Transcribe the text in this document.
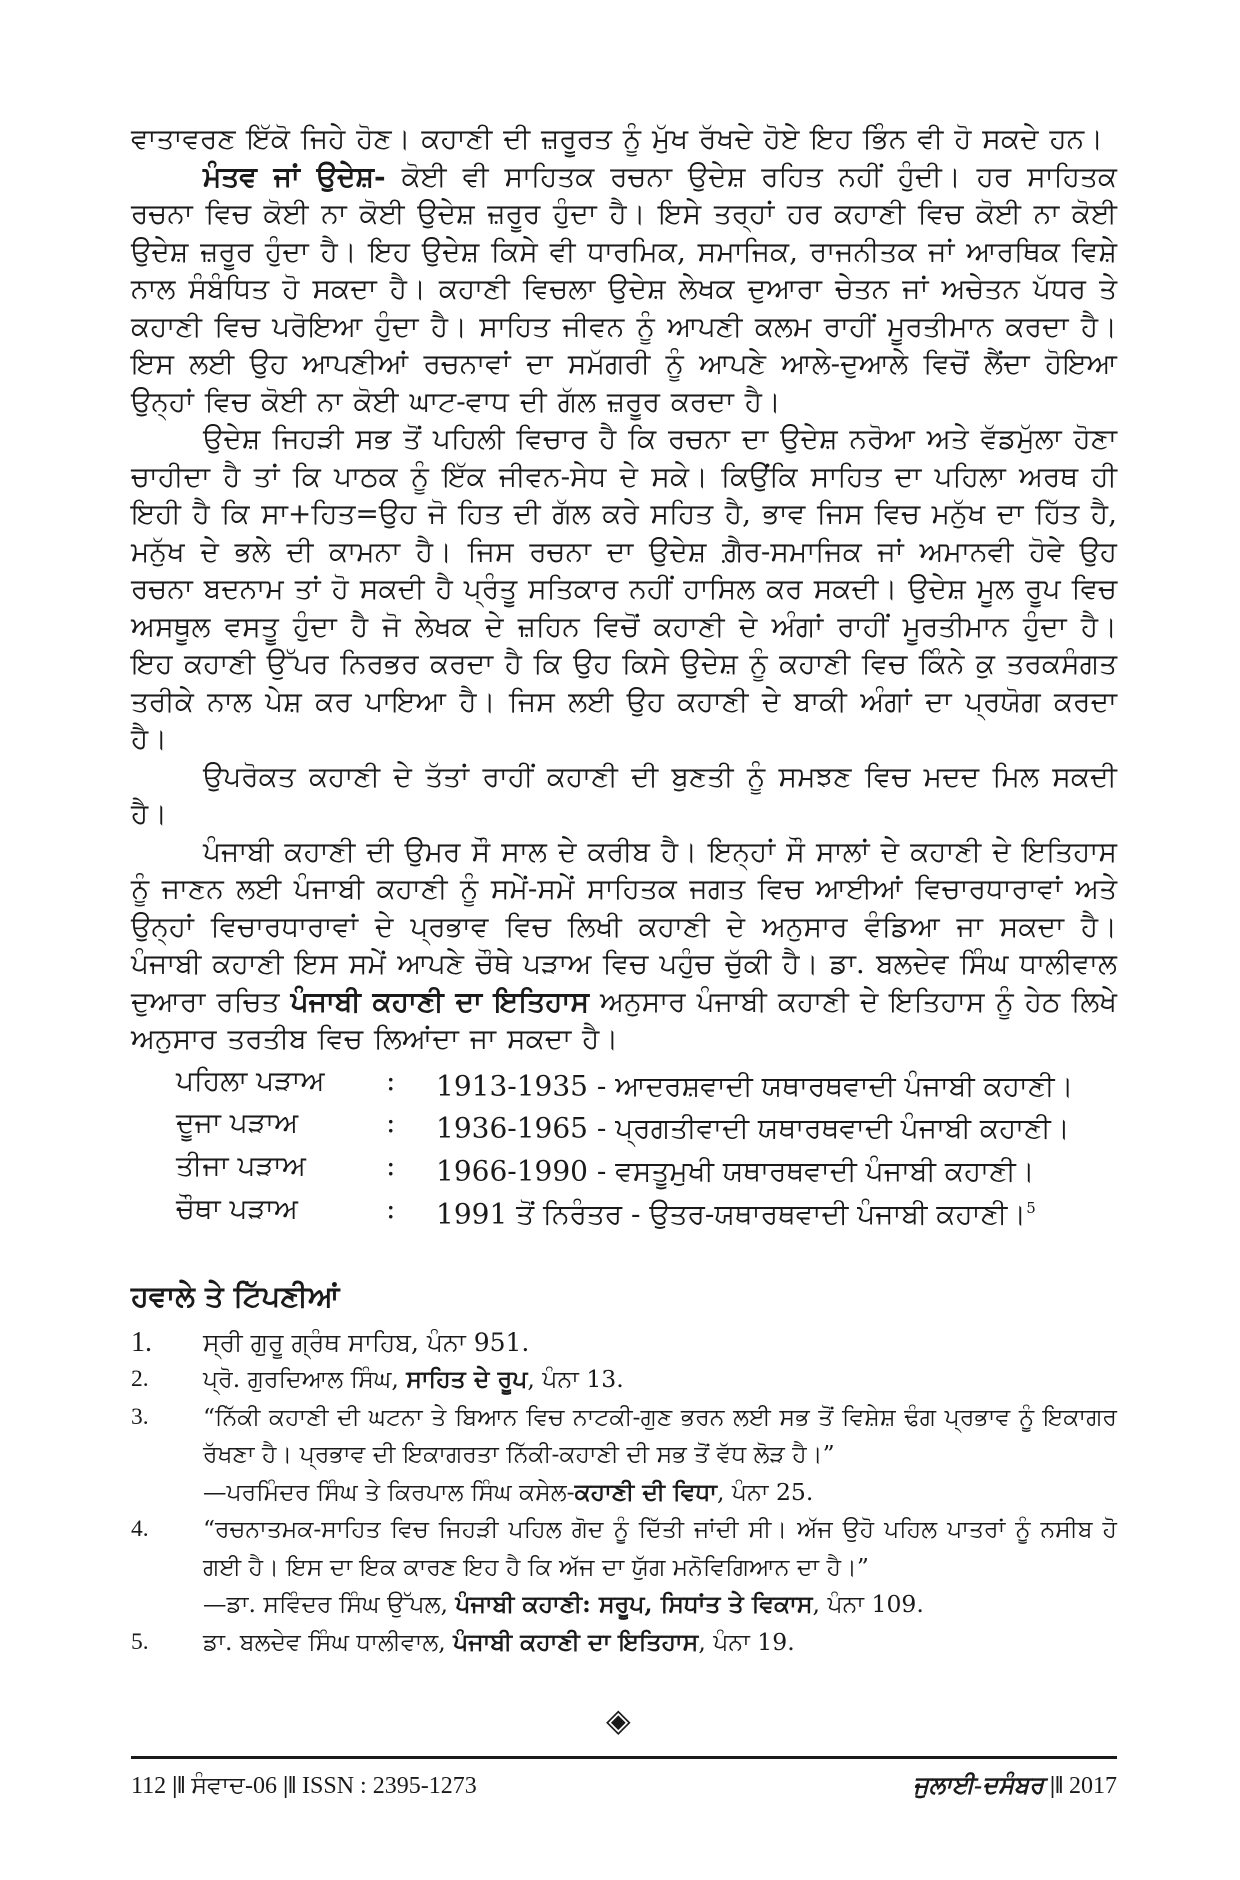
ਵਾਤਾਵਰਣ ਇੱਕੋ ਜਿਹੇ ਹੋਣ। ਕਹਾਣੀ ਦੀ ਜ਼ਰੂਰਤ ਨੂੰ ਮੁੱਖ ਰੱਖਦੇ ਹੋਏ ਇਹ ਭਿੰਨ ਵੀ ਹੋ ਸਕਦੇ ਹਨ।

ਮੰਤਵ ਜਾਂ ਉਦੇਸ਼- ਕੋਈ ਵੀ ਸਾਹਿਤਕ ਰਚਨਾ ਉਦੇਸ਼ ਰਹਿਤ ਨਹੀਂ ਹੁੰਦੀ। ਹਰ ਸਾਹਿਤਕ ਰਚਨਾ ਵਿਚ ਕੋਈ ਨਾ ਕੋਈ ਉਦੇਸ਼ ਜ਼ਰੂਰ ਹੁੰਦਾ ਹੈ। ਇਸੇ ਤਰ੍ਹਾਂ ਹਰ ਕਹਾਣੀ ਵਿਚ ਕੋਈ ਨਾ ਕੋਈ ਉਦੇਸ਼ ਜ਼ਰੂਰ ਹੁੰਦਾ ਹੈ। ਇਹ ਉਦੇਸ਼ ਕਿਸੇ ਵੀ ਧਾਰਮਿਕ, ਸਮਾਜਿਕ, ਰਾਜਨੀਤਕ ਜਾਂ ਆਰਥਿਕ ਵਿਸ਼ੇ ਨਾਲ ਸੰਬੰਧਿਤ ਹੋ ਸਕਦਾ ਹੈ। ਕਹਾਣੀ ਵਿਚਲਾ ਉਦੇਸ਼ ਲੇਖਕ ਦੁਆਰਾ ਚੇਤਨ ਜਾਂ ਅਚੇਤਨ ਪੱਧਰ ਤੇ ਕਹਾਣੀ ਵਿਚ ਪਰੋਇਆ ਹੁੰਦਾ ਹੈ। ਸਾਹਿਤ ਜੀਵਨ ਨੂੰ ਆਪਣੀ ਕਲਮ ਰਾਹੀਂ ਮੂਰਤੀਮਾਨ ਕਰਦਾ ਹੈ। ਇਸ ਲਈ ਉਹ ਆਪਣੀਆਂ ਰਚਨਾਵਾਂ ਦਾ ਸਮੱਗਰੀ ਨੂੰ ਆਪਣੇ ਆਲੇ-ਦੁਆਲੇ ਵਿਚੋਂ ਲੈਂਦਾ ਹੋਇਆ ਉਨ੍ਹਾਂ ਵਿਚ ਕੋਈ ਨਾ ਕੋਈ ਘਾਟ-ਵਾਧ ਦੀ ਗੱਲ ਜ਼ਰੂਰ ਕਰਦਾ ਹੈ।

ਉਦੇਸ਼ ਜਿਹੜੀ ਸਭ ਤੋਂ ਪਹਿਲੀ ਵਿਚਾਰ ਹੈ ਕਿ ਰਚਨਾ ਦਾ ਉਦੇਸ਼ ਨਰੋਆ ਅਤੇ ਵੱਡਮੁੱਲਾ ਹੋਣਾ ਚਾਹੀਦਾ ਹੈ ਤਾਂ ਕਿ ਪਾਠਕ ਨੂੰ ਇੱਕ ਜੀਵਨ-ਸੇਧ ਦੇ ਸਕੇ। ਕਿਉਂਕਿ ਸਾਹਿਤ ਦਾ ਪਹਿਲਾ ਅਰਥ ਹੀ ਇਹੀ ਹੈ ਕਿ ਸਾ+ਹਿਤ=ਉਹ ਜੋ ਹਿਤ ਦੀ ਗੱਲ ਕਰੇ ਸਹਿਤ ਹੈ, ਭਾਵ ਜਿਸ ਵਿਚ ਮਨੁੱਖ ਦਾ ਹਿੱਤ ਹੈ, ਮਨੁੱਖ ਦੇ ਭਲੇ ਦੀ ਕਾਮਨਾ ਹੈ। ਜਿਸ ਰਚਨਾ ਦਾ ਉਦੇਸ਼ ਗ਼ੈਰ-ਸਮਾਜਿਕ ਜਾਂ ਅਮਾਨਵੀ ਹੋਵੇ ਉਹ ਰਚਨਾ ਬਦਨਾਮ ਤਾਂ ਹੋ ਸਕਦੀ ਹੈ ਪ੍ਰੰਤੂ ਸਤਿਕਾਰ ਨਹੀਂ ਹਾਸਿਲ ਕਰ ਸਕਦੀ। ਉਦੇਸ਼ ਮੂਲ ਰੂਪ ਵਿਚ ਅਸਥੂਲ ਵਸਤੂ ਹੁੰਦਾ ਹੈ ਜੋ ਲੇਖਕ ਦੇ ਜ਼ਹਿਨ ਵਿਚੋਂ ਕਹਾਣੀ ਦੇ ਅੰਗਾਂ ਰਾਹੀਂ ਮੂਰਤੀਮਾਨ ਹੁੰਦਾ ਹੈ। ਇਹ ਕਹਾਣੀ ਉੱਪਰ ਨਿਰਭਰ ਕਰਦਾ ਹੈ ਕਿ ਉਹ ਕਿਸੇ ਉਦੇਸ਼ ਨੂੰ ਕਹਾਣੀ ਵਿਚ ਕਿੰਨੇ ਕੁ ਤਰਕਸੰਗਤ ਤਰੀਕੇ ਨਾਲ ਪੇਸ਼ ਕਰ ਪਾਇਆ ਹੈ। ਜਿਸ ਲਈ ਉਹ ਕਹਾਣੀ ਦੇ ਬਾਕੀ ਅੰਗਾਂ ਦਾ ਪ੍ਰਯੋਗ ਕਰਦਾ ਹੈ।

ਉਪਰੋਕਤ ਕਹਾਣੀ ਦੇ ਤੱਤਾਂ ਰਾਹੀਂ ਕਹਾਣੀ ਦੀ ਬੁਣਤੀ ਨੂੰ ਸਮਝਣ ਵਿਚ ਮਦਦ ਮਿਲ ਸਕਦੀ ਹੈ।

ਪੰਜਾਬੀ ਕਹਾਣੀ ਦੀ ਉਮਰ ਸੌ ਸਾਲ ਦੇ ਕਰੀਬ ਹੈ। ਇਨ੍ਹਾਂ ਸੌ ਸਾਲਾਂ ਦੇ ਕਹਾਣੀ ਦੇ ਇਤਿਹਾਸ ਨੂੰ ਜਾਣਨ ਲਈ ਪੰਜਾਬੀ ਕਹਾਣੀ ਨੂੰ ਸਮੇਂ-ਸਮੇਂ ਸਾਹਿਤਕ ਜਗਤ ਵਿਚ ਆਈਆਂ ਵਿਚਾਰਧਾਰਾਵਾਂ ਅਤੇ ਉਨ੍ਹਾਂ ਵਿਚਾਰਧਾਰਾਵਾਂ ਦੇ ਪ੍ਰਭਾਵ ਵਿਚ ਲਿਖੀ ਕਹਾਣੀ ਦੇ ਅਨੁਸਾਰ ਵੰਡਿਆ ਜਾ ਸਕਦਾ ਹੈ। ਪੰਜਾਬੀ ਕਹਾਣੀ ਇਸ ਸਮੇਂ ਆਪਣੇ ਚੌਥੇ ਪੜਾਅ ਵਿਚ ਪਹੁੰਚ ਚੁੱਕੀ ਹੈ। ਡਾ. ਬਲਦੇਵ ਸਿੰਘ ਧਾਲੀਵਾਲ ਦੁਆਰਾ ਰਚਿਤ ਪੰਜਾਬੀ ਕਹਾਣੀ ਦਾ ਇਤਿਹਾਸ ਅਨੁਸਾਰ ਪੰਜਾਬੀ ਕਹਾਣੀ ਦੇ ਇਤਿਹਾਸ ਨੂੰ ਹੇਠ ਲਿਖੇ ਅਨੁਸਾਰ ਤਰਤੀਬ ਵਿਚ ਲਿਆਂਦਾ ਜਾ ਸਕਦਾ ਹੈ।

ਪਹਿਲਾ ਪੜਾਅ	:	1913-1935 - ਆਦਰਸ਼ਵਾਦੀ ਯਥਾਰਥਵਾਦੀ ਪੰਜਾਬੀ ਕਹਾਣੀ।
ਦੂਜਾ ਪੜਾਅ	:	1936-1965 - ਪ੍ਰਗਤੀਵਾਦੀ ਯਥਾਰਥਵਾਦੀ ਪੰਜਾਬੀ ਕਹਾਣੀ।
ਤੀਜਾ ਪੜਾਅ	:	1966-1990 - ਵਸਤੂਮੁਖੀ ਯਥਾਰਥਵਾਦੀ ਪੰਜਾਬੀ ਕਹਾਣੀ।
ਚੌਥਾ ਪੜਾਅ	:	1991 ਤੋਂ ਨਿਰੰਤਰ - ਉਤਰ-ਯਥਾਰਥਵਾਦੀ ਪੰਜਾਬੀ ਕਹਾਣੀ।$^5$
ਹਵਾਲੇ ਤੇ ਟਿੱਪਣੀਆਂ
1.	ਸ੍ਰੀ ਗੁਰੂ ਗ੍ਰੰਥ ਸਾਹਿਬ, ਪੰਨਾ 951.
2.	ਪ੍ਰੋ. ਗੁਰਦਿਆਲ ਸਿੰਘ, ਸਾਹਿਤ ਦੇ ਰੂਪ, ਪੰਨਾ 13.
3.	“ਨਿੱਕੀ ਕਹਾਣੀ ਦੀ ਘਟਨਾ ਤੇ ਬਿਆਨ ਵਿਚ ਨਾਟਕੀ-ਗੁਣ ਭਰਨ ਲਈ ਸਭ ਤੋਂ ਵਿਸ਼ੇਸ਼ ਢੰਗ ਪ੍ਰਭਾਵ ਨੂੰ ਇਕਾਗਰ ਰੱਖਣਾ ਹੈ। ਪ੍ਰਭਾਵ ਦੀ ਇਕਾਗਰਤਾ ਨਿੱਕੀ-ਕਹਾਣੀ ਦੀ ਸਭ ਤੋਂ ਵੱਧ ਲੋੜ ਹੈ।”
—ਪਰਮਿੰਦਰ ਸਿੰਘ ਤੇ ਕਿਰਪਾਲ ਸਿੰਘ ਕਸੇਲ-ਕਹਾਣੀ ਦੀ ਵਿਧਾ, ਪੰਨਾ 25.
4.	“ਰਚਨਾਤਮਕ-ਸਾਹਿਤ ਵਿਚ ਜਿਹੜੀ ਪਹਿਲ ਗੋਦ ਨੂੰ ਦਿੱਤੀ ਜਾਂਦੀ ਸੀ। ਅੱਜ ਉਹੋ ਪਹਿਲ ਪਾਤਰਾਂ ਨੂੰ ਨਸੀਬ ਹੋ ਗਈ ਹੈ। ਇਸ ਦਾ ਇਕ ਕਾਰਣ ਇਹ ਹੈ ਕਿ ਅੱਜ ਦਾ ਯੁੱਗ ਮਨੋਵਿਗਿਆਨ ਦਾ ਹੈ।”
—ਡਾ. ਸਵਿੰਦਰ ਸਿੰਘ ਉੱਪਲ, ਪੰਜਾਬੀ ਕਹਾਣੀ: ਸਰੂਪ, ਸਿਧਾਂਤ ਤੇ ਵਿਕਾਸ, ਪੰਨਾ 109.
5.	ਡਾ. ਬਲਦੇਵ ਸਿੰਘ ਧਾਲੀਵਾਲ, ਪੰਜਾਬੀ ਕਹਾਣੀ ਦਾ ਇਤਿਹਾਸ, ਪੰਨਾ 19.
◈
112 |‖ ਸੰਵਾਦ-06 |‖ ISSN : 2395-1273	ਜੁਲਾਈ-ਦਸੰਬਰ |‖ 2017
